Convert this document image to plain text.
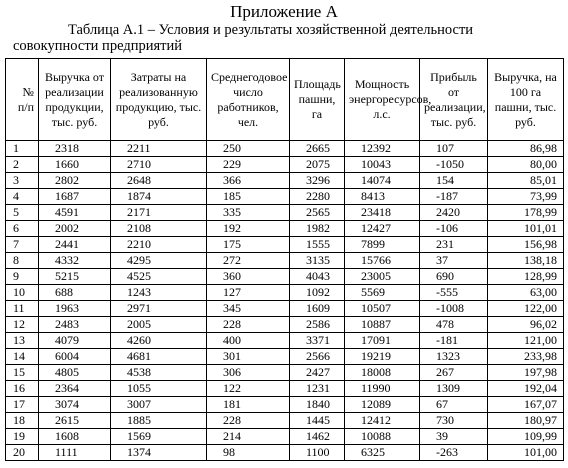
Приложение А
Таблица А.1 – Условия и результаты хозяйственной деятельности совокупности предприятий
№ п/п	Выручка от реализации продукции, тыс. руб.	Затраты на реализованную продукцию, тыс. руб.	Среднегодовое число работников, чел.	Площадь пашни, га	Мощность энергоресурсов, л.с.	Прибыль от реализации, тыс. руб.	Выручка, на 100 га пашни, тыс. руб.
1	2318	2211	250	2665	12392	107	86,98
2	1660	2710	229	2075	10043	-1050	80,00
3	2802	2648	366	3296	14074	154	85,01
4	1687	1874	185	2280	8413	-187	73,99
5	4591	2171	335	2565	23418	2420	178,99
6	2002	2108	192	1982	12427	-106	101,01
7	2441	2210	175	1555	7899	231	156,98
8	4332	4295	272	3135	15766	37	138,18
9	5215	4525	360	4043	23005	690	128,99
10	688	1243	127	1092	5569	-555	63,00
11	1963	2971	345	1609	10507	-1008	122,00
12	2483	2005	228	2586	10887	478	96,02
13	4079	4260	400	3371	17091	-181	121,00
14	6004	4681	301	2566	19219	1323	233,98
15	4805	4538	306	2427	18008	267	197,98
16	2364	1055	122	1231	11990	1309	192,04
17	3074	3007	181	1840	12089	67	167,07
18	2615	1885	228	1445	12412	730	180,97
19	1608	1569	214	1462	10088	39	109,99
20	1111	1374	98	1100	6325	-263	101,00
